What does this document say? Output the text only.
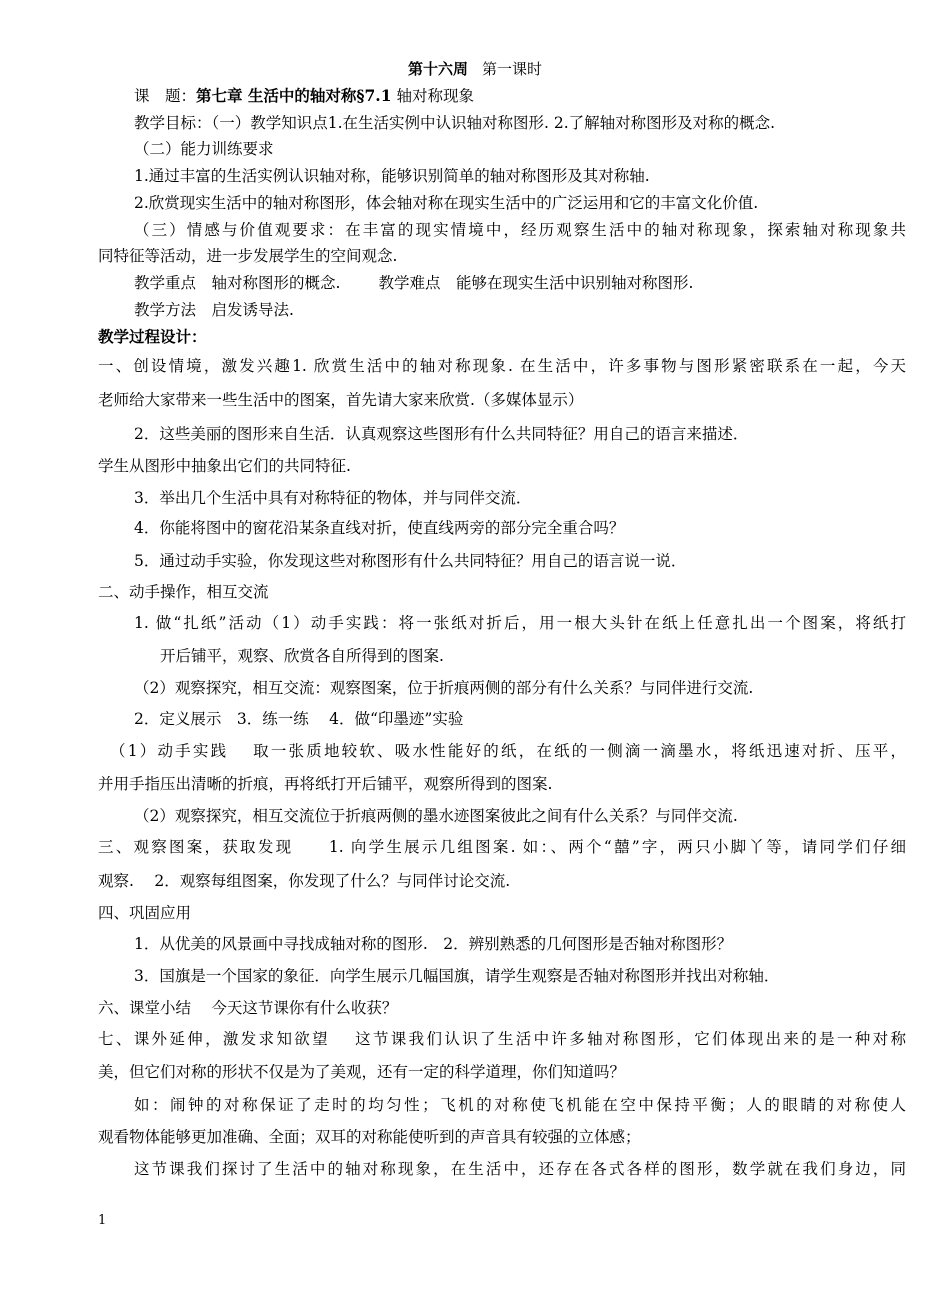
第十六周 第一课时
课　题：第七章 生活中的轴对称§7.1 轴对称现象
教学目标：（一）教学知识点1.在生活实例中认识轴对称图形. 2.了解轴对称图形及对称的概念.
（二）能力训练要求
1.通过丰富的生活实例认识轴对称，能够识别简单的轴对称图形及其对称轴.
2.欣赏现实生活中的轴对称图形，体会轴对称在现实生活中的广泛运用和它的丰富文化价值.
（三）情感与价值观要求：在丰富的现实情境中，经历观察生活中的轴对称现象，探索轴对称现象共
同特征等活动，进一步发展学生的空间观念.
教学重点　轴对称图形的概念. 教学难点　能够在现实生活中识别轴对称图形.
教学方法　启发诱导法.
教学过程设计：
一、创设情境，激发兴趣1. 欣赏生活中的轴对称现象. 在生活中，许多事物与图形紧密联系在一起，今天
老师给大家带来一些生活中的图案，首先请大家来欣赏.（多媒体显示）
2．这些美丽的图形来自生活．认真观察这些图形有什么共同特征？用自己的语言来描述．
学生从图形中抽象出它们的共同特征.
3．举出几个生活中具有对称特征的物体，并与同伴交流．
4．你能将图中的窗花沿某条直线对折，使直线两旁的部分完全重合吗？
5．通过动手实验，你发现这些对称图形有什么共同特征？用自己的语言说一说．
二、动手操作，相互交流
1. 做“扎纸”活动（1）动手实践：将一张纸对折后，用一根大头针在纸上任意扎出一个图案，将纸打
开后铺平，观察、欣赏各自所得到的图案.
（2）观察探究，相互交流：观察图案，位于折痕两侧的部分有什么关系？与同伴进行交流.
2．定义展示　3．练一练　 4．做“印墨迹”实验
（1）动手实践　 取一张质地较软、吸水性能好的纸，在纸的一侧滴一滴墨水，将纸迅速对折、压平，
并用手指压出清晰的折痕，再将纸打开后铺平，观察所得到的图案.
（2）观察探究，相互交流位于折痕两侧的墨水迹图案彼此之间有什么关系？与同伴交流.
三、观察图案，获取发现　　1. 向学生展示几组图案. 如：、两个“囍”字，两只小脚丫等，请同学们仔细
观察.　 2．观察每组图案，你发现了什么？与同伴讨论交流.
四、巩固应用
1．从优美的风景画中寻找成轴对称的图形.　2．辨别熟悉的几何图形是否轴对称图形？
3．国旗是一个国家的象征．向学生展示几幅国旗，请学生观察是否轴对称图形并找出对称轴．
六、课堂小结　 今天这节课你有什么收获？
七、课外延伸，激发求知欲望　 这节课我们认识了生活中许多轴对称图形，它们体现出来的是一种对称
美，但它们对称的形状不仅是为了美观，还有一定的科学道理，你们知道吗？
如：闹钟的对称保证了走时的均匀性；飞机的对称使飞机能在空中保持平衡；人的眼睛的对称使人
观看物体能够更加准确、全面；双耳的对称能使听到的声音具有较强的立体感；
这节课我们探讨了生活中的轴对称现象，在生活中，还存在各式各样的图形，数学就在我们身边，同
1
